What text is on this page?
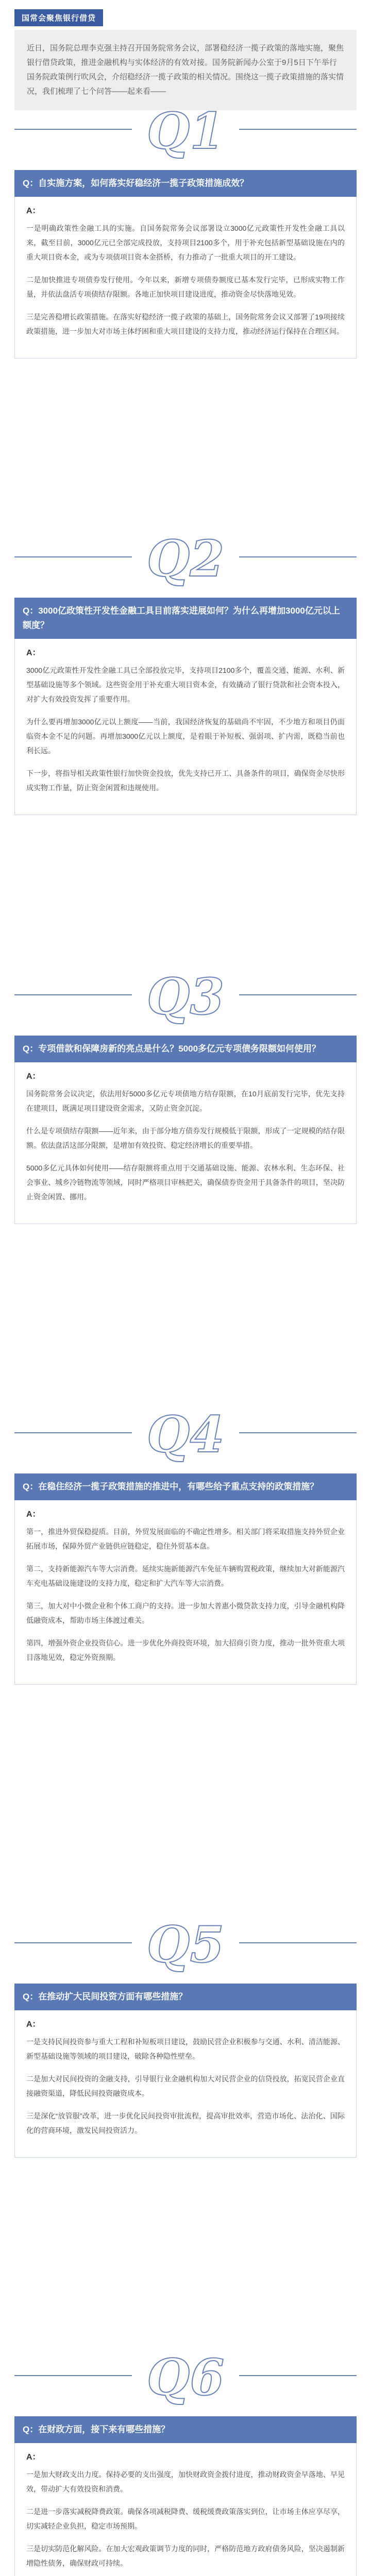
国常会聚焦银行借贷
近日，国务院总理李克强主持召开国务院常务会议，部署稳经济一揽子政策的落地实施，聚焦银行借贷政策，推进金融机构与实体经济的有效对接。国务院新闻办公室于9月5日下午举行国务院政策例行吹风会，介绍稳经济一揽子政策的相关情况。围绕这一揽子政策措施的落实情况，我们梳理了七个问答——起来看——
Q1
Q：自实施方案，如何落实好稳经济一揽子政策措施成效？
A：

一是明确政策性金融工具的实施。自国务院常务会议部署设立3000亿元政策性开发性金融工具以来，截至目前，3000亿元已全部完成投放，支持项目2100多个，用于补充包括新型基础设施在内的重大项目资本金，或为专项债项目资本金搭桥，有力推动了一批重大项目的开工建设。

二是加快推进专项债券发行使用。今年以来，新增专项债券额度已基本发行完毕，已形成实物工作量，并依法盘活专项债结存限额。各地正加快项目建设进度，推动资金尽快落地见效。

三是完善稳增长政策措施。在落实好稳经济一揽子政策的基础上，国务院常务会议又部署了19项接续政策措施，进一步加大对市场主体纾困和重大项目建设的支持力度，推动经济运行保持在合理区间。

Q2
Q：3000亿政策性开发性金融工具目前落实进展如何？为什么再增加3000亿元以上额度？
A：

3000亿元政策性开发性金融工具已全部投放完毕，支持项目2100多个，覆盖交通、能源、水利、新型基础设施等多个领域。这些资金用于补充重大项目资本金，有效撬动了银行贷款和社会资本投入，对扩大有效投资发挥了重要作用。

为什么要再增加3000亿元以上额度——当前，我国经济恢复的基础尚不牢固，不少地方和项目仍面临资本金不足的问题。再增加3000亿元以上额度，是着眼于补短板、强弱项、扩内需，既稳当前也利长远。

下一步，将指导相关政策性银行加快资金投放，优先支持已开工、具备条件的项目，确保资金尽快形成实物工作量，防止资金闲置和违规使用。

Q3
Q：专项借款和保障房新的亮点是什么？5000多亿元专项债务限额如何使用？
A：

国务院常务会议决定，依法用好5000多亿元专项债地方结存限额，在10月底前发行完毕，优先支持在建项目，既满足项目建设资金需求，又防止资金沉淀。

什么是专项债结存限额——近年来，由于部分地方债券发行规模低于限额，形成了一定规模的结存限额。依法盘活这部分限额，是增加有效投资、稳定经济增长的重要举措。

5000多亿元具体如何使用——结存限额将重点用于交通基础设施、能源、农林水利、生态环保、社会事业、城乡冷链物流等领域，同时严格项目审核把关，确保债券资金用于具备条件的项目，坚决防止资金闲置、挪用。

Q4
Q：在稳住经济一揽子政策措施的推进中，有哪些给予重点支持的政策措施？
A：

第一，推进外贸保稳提质。目前，外贸发展面临的不确定性增多。相关部门将采取措施支持外贸企业拓展市场，保障外贸产业链供应链稳定，稳住外贸基本盘。

第二，支持新能源汽车等大宗消费。延续实施新能源汽车免征车辆购置税政策，继续加大对新能源汽车充电基础设施建设的支持力度，稳定和扩大汽车等大宗消费。

第三，加大对中小微企业和个体工商户的支持。进一步加大普惠小微贷款支持力度，引导金融机构降低融资成本，帮助市场主体渡过难关。

第四，增强外资企业投资信心。进一步优化外商投资环境，加大招商引资力度，推动一批外资重大项目落地见效，稳定外资预期。

Q5
Q：在推动扩大民间投资方面有哪些措施？
A：

一是支持民间投资参与重大工程和补短板项目建设，鼓励民营企业积极参与交通、水利、清洁能源、新型基础设施等领域的项目建设，破除各种隐性壁垒。

二是加大对民间投资的金融支持，引导银行业金融机构加大对民营企业的信贷投放，拓宽民营企业直接融资渠道，降低民间投资融资成本。

三是深化“放管服”改革，进一步优化民间投资审批流程，提高审批效率，营造市场化、法治化、国际化的营商环境，激发民间投资活力。

Q6
Q：在财政方面，接下来有哪些措施？
A：

一是加大财政支出力度。保持必要的支出强度，加快财政资金拨付进度，推动财政资金早落地、早见效，带动扩大有效投资和消费。

二是进一步落实减税降费政策。确保各项减税降费、缓税缓费政策落实到位，让市场主体应享尽享，切实减轻企业负担，稳定市场预期。

三是切实防范化解风险。在加大宏观政策调节力度的同时，严格防范地方政府债务风险，坚决遏制新增隐性债务，确保财政可持续。
